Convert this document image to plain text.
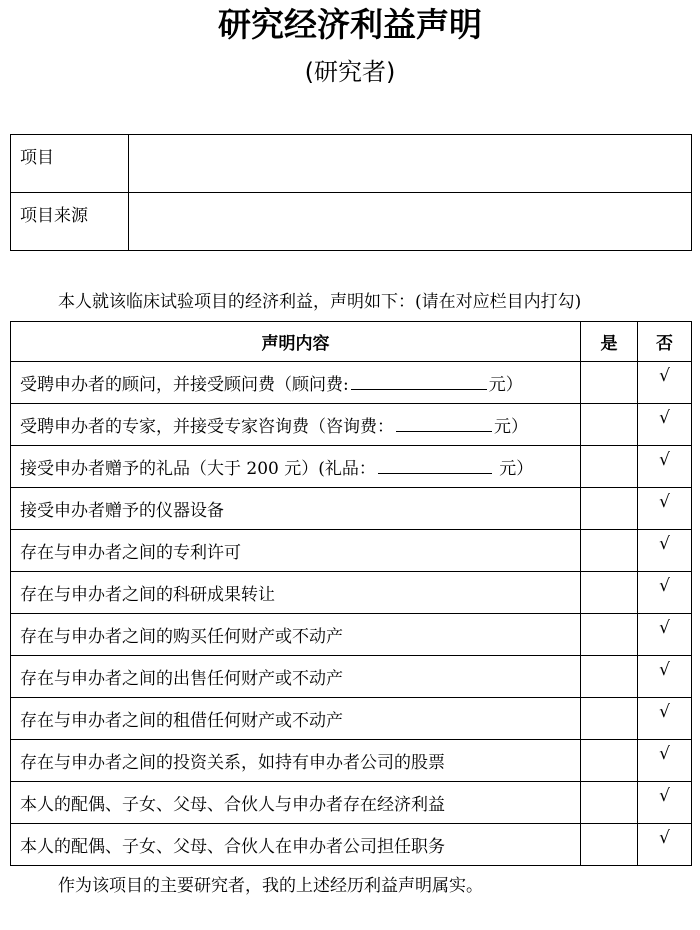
研究经济利益声明
(研究者)
项目	
项目来源	
本人就该临床试验项目的经济利益，声明如下：(请在对应栏目内打勾)
声明内容	是	否
受聘申办者的顾问，并接受顾问费（顾问费: 元）		√
受聘申办者的专家，并接受专家咨询费（咨询费： 元）		√
接受申办者赠予的礼品（大于 200 元）(礼品： 元）		√
接受申办者赠予的仪器设备		√
存在与申办者之间的专利许可		√
存在与申办者之间的科研成果转让		√
存在与申办者之间的购买任何财产或不动产		√
存在与申办者之间的出售任何财产或不动产		√
存在与申办者之间的租借任何财产或不动产		√
存在与申办者之间的投资关系，如持有申办者公司的股票		√
本人的配偶、子女、父母、合伙人与申办者存在经济利益		√
本人的配偶、子女、父母、合伙人在申办者公司担任职务		√
作为该项目的主要研究者，我的上述经历利益声明属实。
